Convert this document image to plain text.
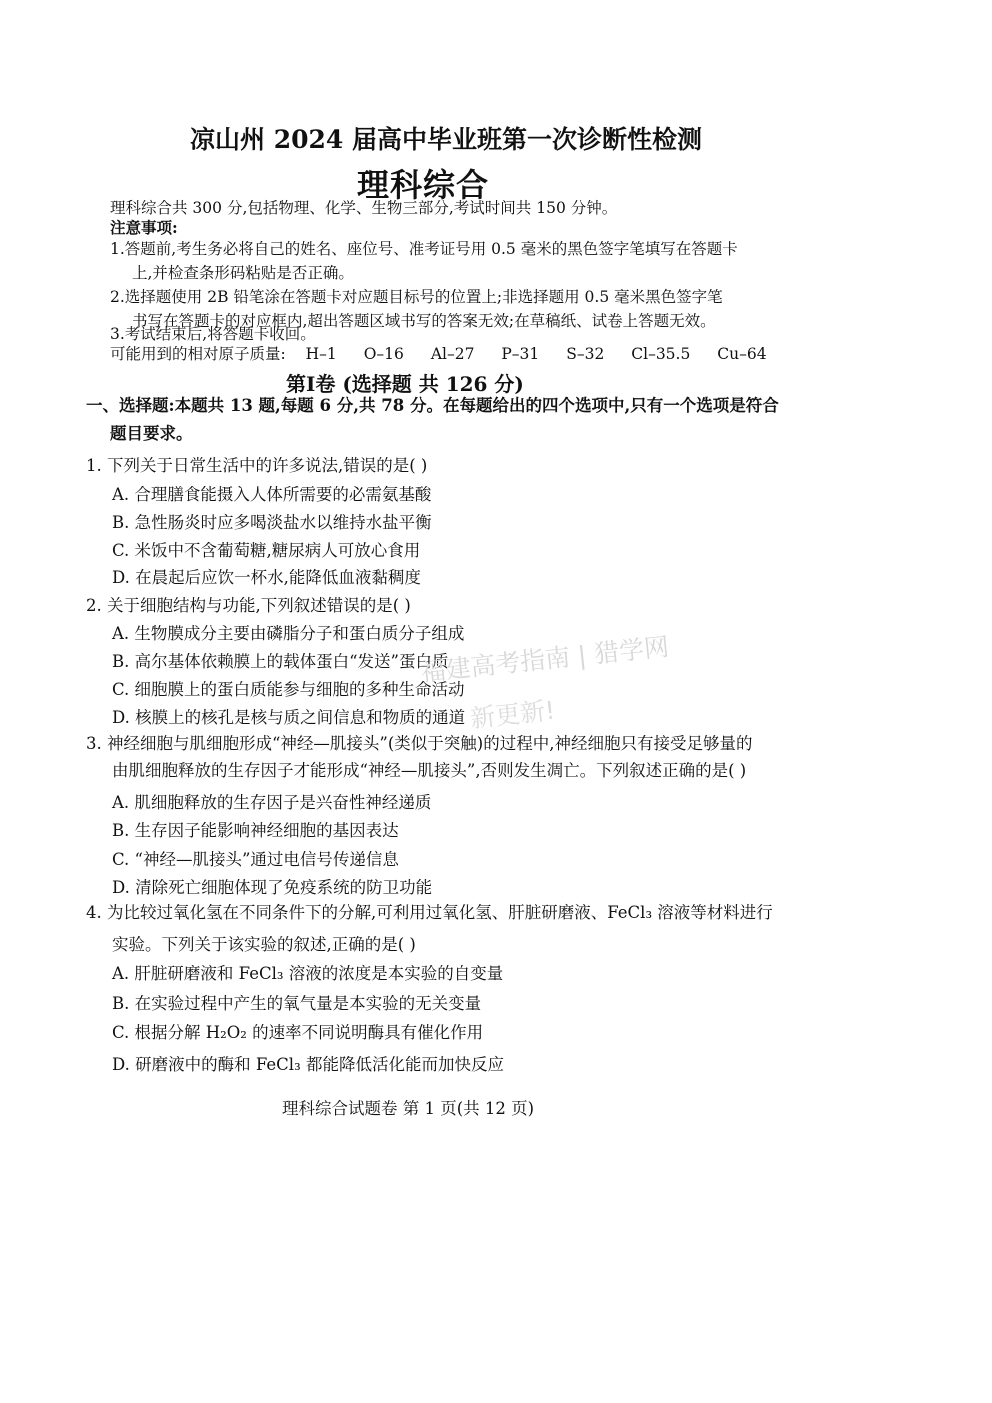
凉山州 2024 届高中毕业班第一次诊断性检测
理科综合
理科综合共 300 分,包括物理、化学、生物三部分,考试时间共 150 分钟。
注意事项:
1.答题前,考生务必将自己的姓名、座位号、准考证号用 0.5 毫米的黑色签字笔填写在答题卡
上,并检查条形码粘贴是否正确。
2.选择题使用 2B 铅笔涂在答题卡对应题目标号的位置上;非选择题用 0.5 毫米黑色签字笔
书写在答题卡的对应框内,超出答题区域书写的答案无效;在草稿纸、试卷上答题无效。
3.考试结束后,将答题卡收回。
可能用到的相对原子质量: H–1 O–16 Al–27 P–31 S–32 Cl–35.5 Cu–64
第Ⅰ卷 (选择题 共 126 分)
一、选择题:本题共 13 题,每题 6 分,共 78 分。在每题给出的四个选项中,只有一个选项是符合
题目要求。
1. 下列关于日常生活中的许多说法,错误的是( )
A. 合理膳食能摄入人体所需要的必需氨基酸
B. 急性肠炎时应多喝淡盐水以维持水盐平衡
C. 米饭中不含葡萄糖,糖尿病人可放心食用
D. 在晨起后应饮一杯水,能降低血液黏稠度
2. 关于细胞结构与功能,下列叙述错误的是( )
A. 生物膜成分主要由磷脂分子和蛋白质分子组成
B. 高尔基体依赖膜上的载体蛋白“发送”蛋白质
C. 细胞膜上的蛋白质能参与细胞的多种生命活动
D. 核膜上的核孔是核与质之间信息和物质的通道
3. 神经细胞与肌细胞形成“神经—肌接头”(类似于突触)的过程中,神经细胞只有接受足够量的
由肌细胞释放的生存因子才能形成“神经—肌接头”,否则发生凋亡。下列叙述正确的是( )
A. 肌细胞释放的生存因子是兴奋性神经递质
B. 生存因子能影响神经细胞的基因表达
C. “神经—肌接头”通过电信号传递信息
D. 清除死亡细胞体现了免疫系统的防卫功能
4. 为比较过氧化氢在不同条件下的分解,可利用过氧化氢、肝脏研磨液、FeCl₃ 溶液等材料进行
实验。下列关于该实验的叙述,正确的是( )
A. 肝脏研磨液和 FeCl₃ 溶液的浓度是本实验的自变量
B. 在实验过程中产生的氧气量是本实验的无关变量
C. 根据分解 H₂O₂ 的速率不同说明酶具有催化作用
D. 研磨液中的酶和 FeCl₃ 都能降低活化能而加快反应
福建高考指南 | 猎学网
新更新!
理科综合试题卷 第 1 页(共 12 页)
